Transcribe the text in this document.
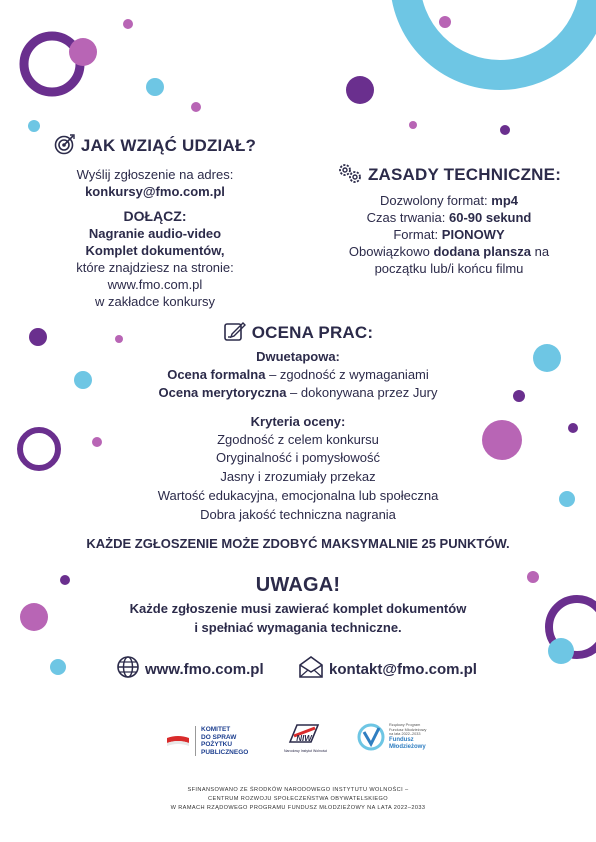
JAK WZIĄĆ UDZIAŁ?
Wyślij zgłoszenie na adres:
konkursy@fmo.com.pl
DOŁĄCZ:
Nagranie audio-video
Komplet dokumentów,
które znajdziesz na stronie: www.fmo.com.pl
w zakładce konkursy
ZASADY TECHNICZNE:
Dozwolony format: mp4
Czas trwania: 60-90 sekund
Format: PIONOWY
Obowiązkowo dodana plansza na
początku lub/i końcu filmu
OCENA PRAC:
Dwuetapowa:
Ocena formalna – zgodność z wymaganiami
Ocena merytoryczna – dokonywana przez Jury
Kryteria oceny:
Zgodność z celem konkursu
Oryginalność i pomysłowość
Jasny i zrozumiały przekaz
Wartość edukacyjna, emocjonalna lub społeczna
Dobra jakość techniczna nagrania
KAŻDE ZGŁOSZENIE MOŻE ZDOBYĆ MAKSYMALNIE 25 PUNKTÓW.
UWAGA!
Każde zgłoszenie musi zawierać komplet dokumentów
i spełniać wymagania techniczne.
www.fmo.com.pl	kontakt@fmo.com.pl
KOMITET
DO SPRAW
POŻYTKU
PUBLICZNEGO
NIW
Narodowy Instytut Wolności
Rządowy Program
Fundusz Młodzieżowy
na lata 2022–2033
Fundusz
Młodzieżowy
SFINANSOWANO ZE ŚRODKÓW NARODOWEGO INSTYTUTU WOLNOŚCI –
CENTRUM ROZWOJU SPOŁECZEŃSTWA OBYWATELSKIEGO
W RAMACH RZĄDOWEGO PROGRAMU FUNDUSZ MŁODZIEŻOWY NA LATA 2022–2033
